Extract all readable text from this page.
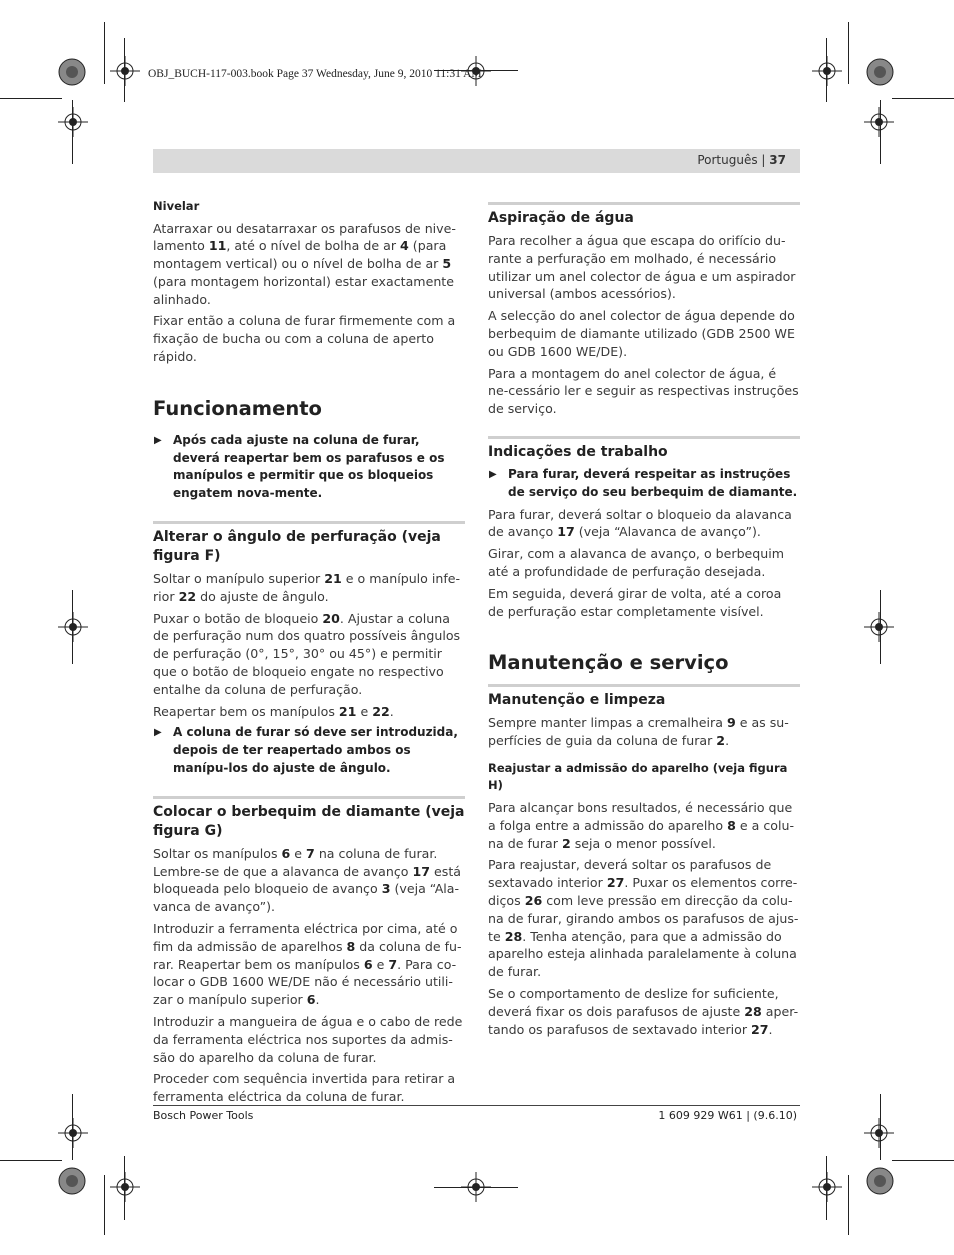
OBJ_BUCH-117-003.book Page 37 Wednesday, June 9, 2010 11:31 AM
Português | 37

Nivelar

Atarraxar ou desatarraxar os parafusos de nive-lamento 11, até o nível de bolha de ar 4 (para montagem vertical) ou o nível de bolha de ar 5 (para montagem horizontal) estar exactamente alinhado.

Fixar então a coluna de furar firmemente com a fixação de bucha ou com a coluna de aperto rápido.

Funcionamento
▶ Após cada ajuste na coluna de furar, deverá reapertar bem os parafusos e os manípulos e permitir que os bloqueios engatem nova-mente.
Alterar o ângulo de perfuração (veja figura F)

Soltar o manípulo superior 21 e o manípulo infe-rior 22 do ajuste de ângulo.

Puxar o botão de bloqueio 20. Ajustar a coluna de perfuração num dos quatro possíveis ângulos de perfuração (0°, 15°, 30° ou 45°) e permitir que o botão de bloqueio engate no respectivo entalhe da coluna de perfuração.

Reapertar bem os manípulos 21 e 22.

▶ A coluna de furar só deve ser introduzida, depois de ter reapertado ambos os manípu-los do ajuste de ângulo.
Colocar o berbequim de diamante (veja figura G)

Soltar os manípulos 6 e 7 na coluna de furar. Lembre-se de que a alavanca de avanço 17 está bloqueada pelo bloqueio de avanço 3 (veja “Ala-vanca de avanço”).

Introduzir a ferramenta eléctrica por cima, até o fim da admissão de aparelhos 8 da coluna de fu-rar. Reapertar bem os manípulos 6 e 7. Para co-locar o GDB 1600 WE/DE não é necessário utili-zar o manípulo superior 6.

Introduzir a mangueira de água e o cabo de rede da ferramenta eléctrica nos suportes da admis-são do aparelho da coluna de furar.

Proceder com sequência invertida para retirar a ferramenta eléctrica da coluna de furar.

Aspiração de água

Para recolher a água que escapa do orifício du-rante a perfuração em molhado, é necessário utilizar um anel colector de água e um aspirador universal (ambos acessórios).

A selecção do anel colector de água depende do berbequim de diamante utilizado (GDB 2500 WE ou GDB 1600 WE/DE).

Para a montagem do anel colector de água, é ne-cessário ler e seguir as respectivas instruções de serviço.

Indicações de trabalho
▶ Para furar, deverá respeitar as instruções de serviço do seu berbequim de diamante.

Para furar, deverá soltar o bloqueio da alavanca de avanço 17 (veja “Alavanca de avanço”).

Girar, com a alavanca de avanço, o berbequim até a profundidade de perfuração desejada.

Em seguida, deverá girar de volta, até a coroa de perfuração estar completamente visível.

Manutenção e serviço
Manutenção e limpeza

Sempre manter limpas a cremalheira 9 e as su-perfícies de guia da coluna de furar 2.

Reajustar a admissão do aparelho (veja figura H)

Para alcançar bons resultados, é necessário que a folga entre a admissão do aparelho 8 e a colu-na de furar 2 seja o menor possível.

Para reajustar, deverá soltar os parafusos de sextavado interior 27. Puxar os elementos corre-diços 26 com leve pressão em direcção da colu-na de furar, girando ambos os parafusos de ajus-te 28. Tenha atenção, para que a admissão do aparelho esteja alinhada paralelamente à coluna de furar.

Se o comportamento de deslize for suficiente, deverá fixar os dois parafusos de ajuste 28 aper-tando os parafusos de sextavado interior 27.

Bosch Power Tools	1 609 929 W61 | (9.6.10)
